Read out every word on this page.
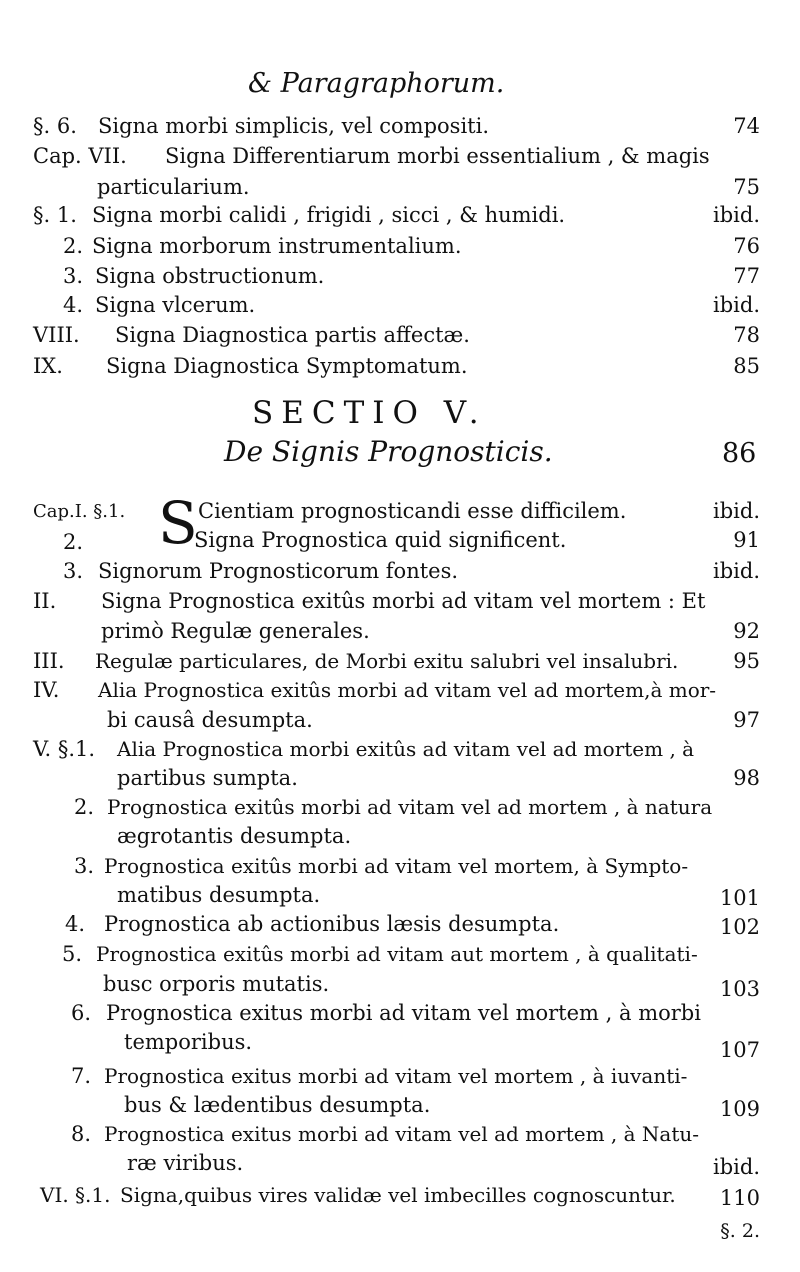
& Paragraphorum.
§. 6. Signa morbi simplicis, vel compositi.	74
Cap. VII. Signa Differentiarum morbi essentialium , & magis
particularium.	75
§. 1. Signa morbi calidi , frigidi , sicci , & humidi.	ibid.
2. Signa morborum instrumentalium.	76
3. Signa obstructionum.	77
4. Signa vlcerum.	ibid.
VIII. Signa Diagnostica partis affectæ.	78
IX. Signa Diagnostica Symptomatum.	85
SECTIO V.
De Signis Prognosticis.	86
S
Cap.I. §.1.	Cientiam prognosticandi esse difficilem.	ibid.
2.	Signa Prognostica quid significent.	91
3. Signorum Prognosticorum fontes.	ibid.
II. Signa Prognostica exitûs morbi ad vitam vel mortem : Et
primò Regulæ generales.	92
III. Regulæ particulares, de Morbi exitu salubri vel insalubri.	95
IV. Alia Prognostica exitûs morbi ad vitam vel ad mortem,à mor-
bi causâ desumpta.	97
V. §.1. Alia Prognostica morbi exitûs ad vitam vel ad mortem , à
partibus sumpta.	98
2. Prognostica exitûs morbi ad vitam vel ad mortem , à natura
ægrotantis desumpta.
3. Prognostica exitûs morbi ad vitam vel mortem, à Sympto-
matibus desumpta.	101
4. Prognostica ab actionibus læsis desumpta.	102
5. Prognostica exitûs morbi ad vitam aut mortem , à qualitati-
busc orporis mutatis.	103
6. Prognostica exitus morbi ad vitam vel mortem , à morbi
temporibus.	107
7. Prognostica exitus morbi ad vitam vel mortem , à iuvanti-
bus & lædentibus desumpta.	109
8. Prognostica exitus morbi ad vitam vel ad mortem , à Natu-
ræ viribus.	ibid.
VI. §.1. Signa,quibus vires validæ vel imbecilles cognoscuntur. 110
§. 2.
